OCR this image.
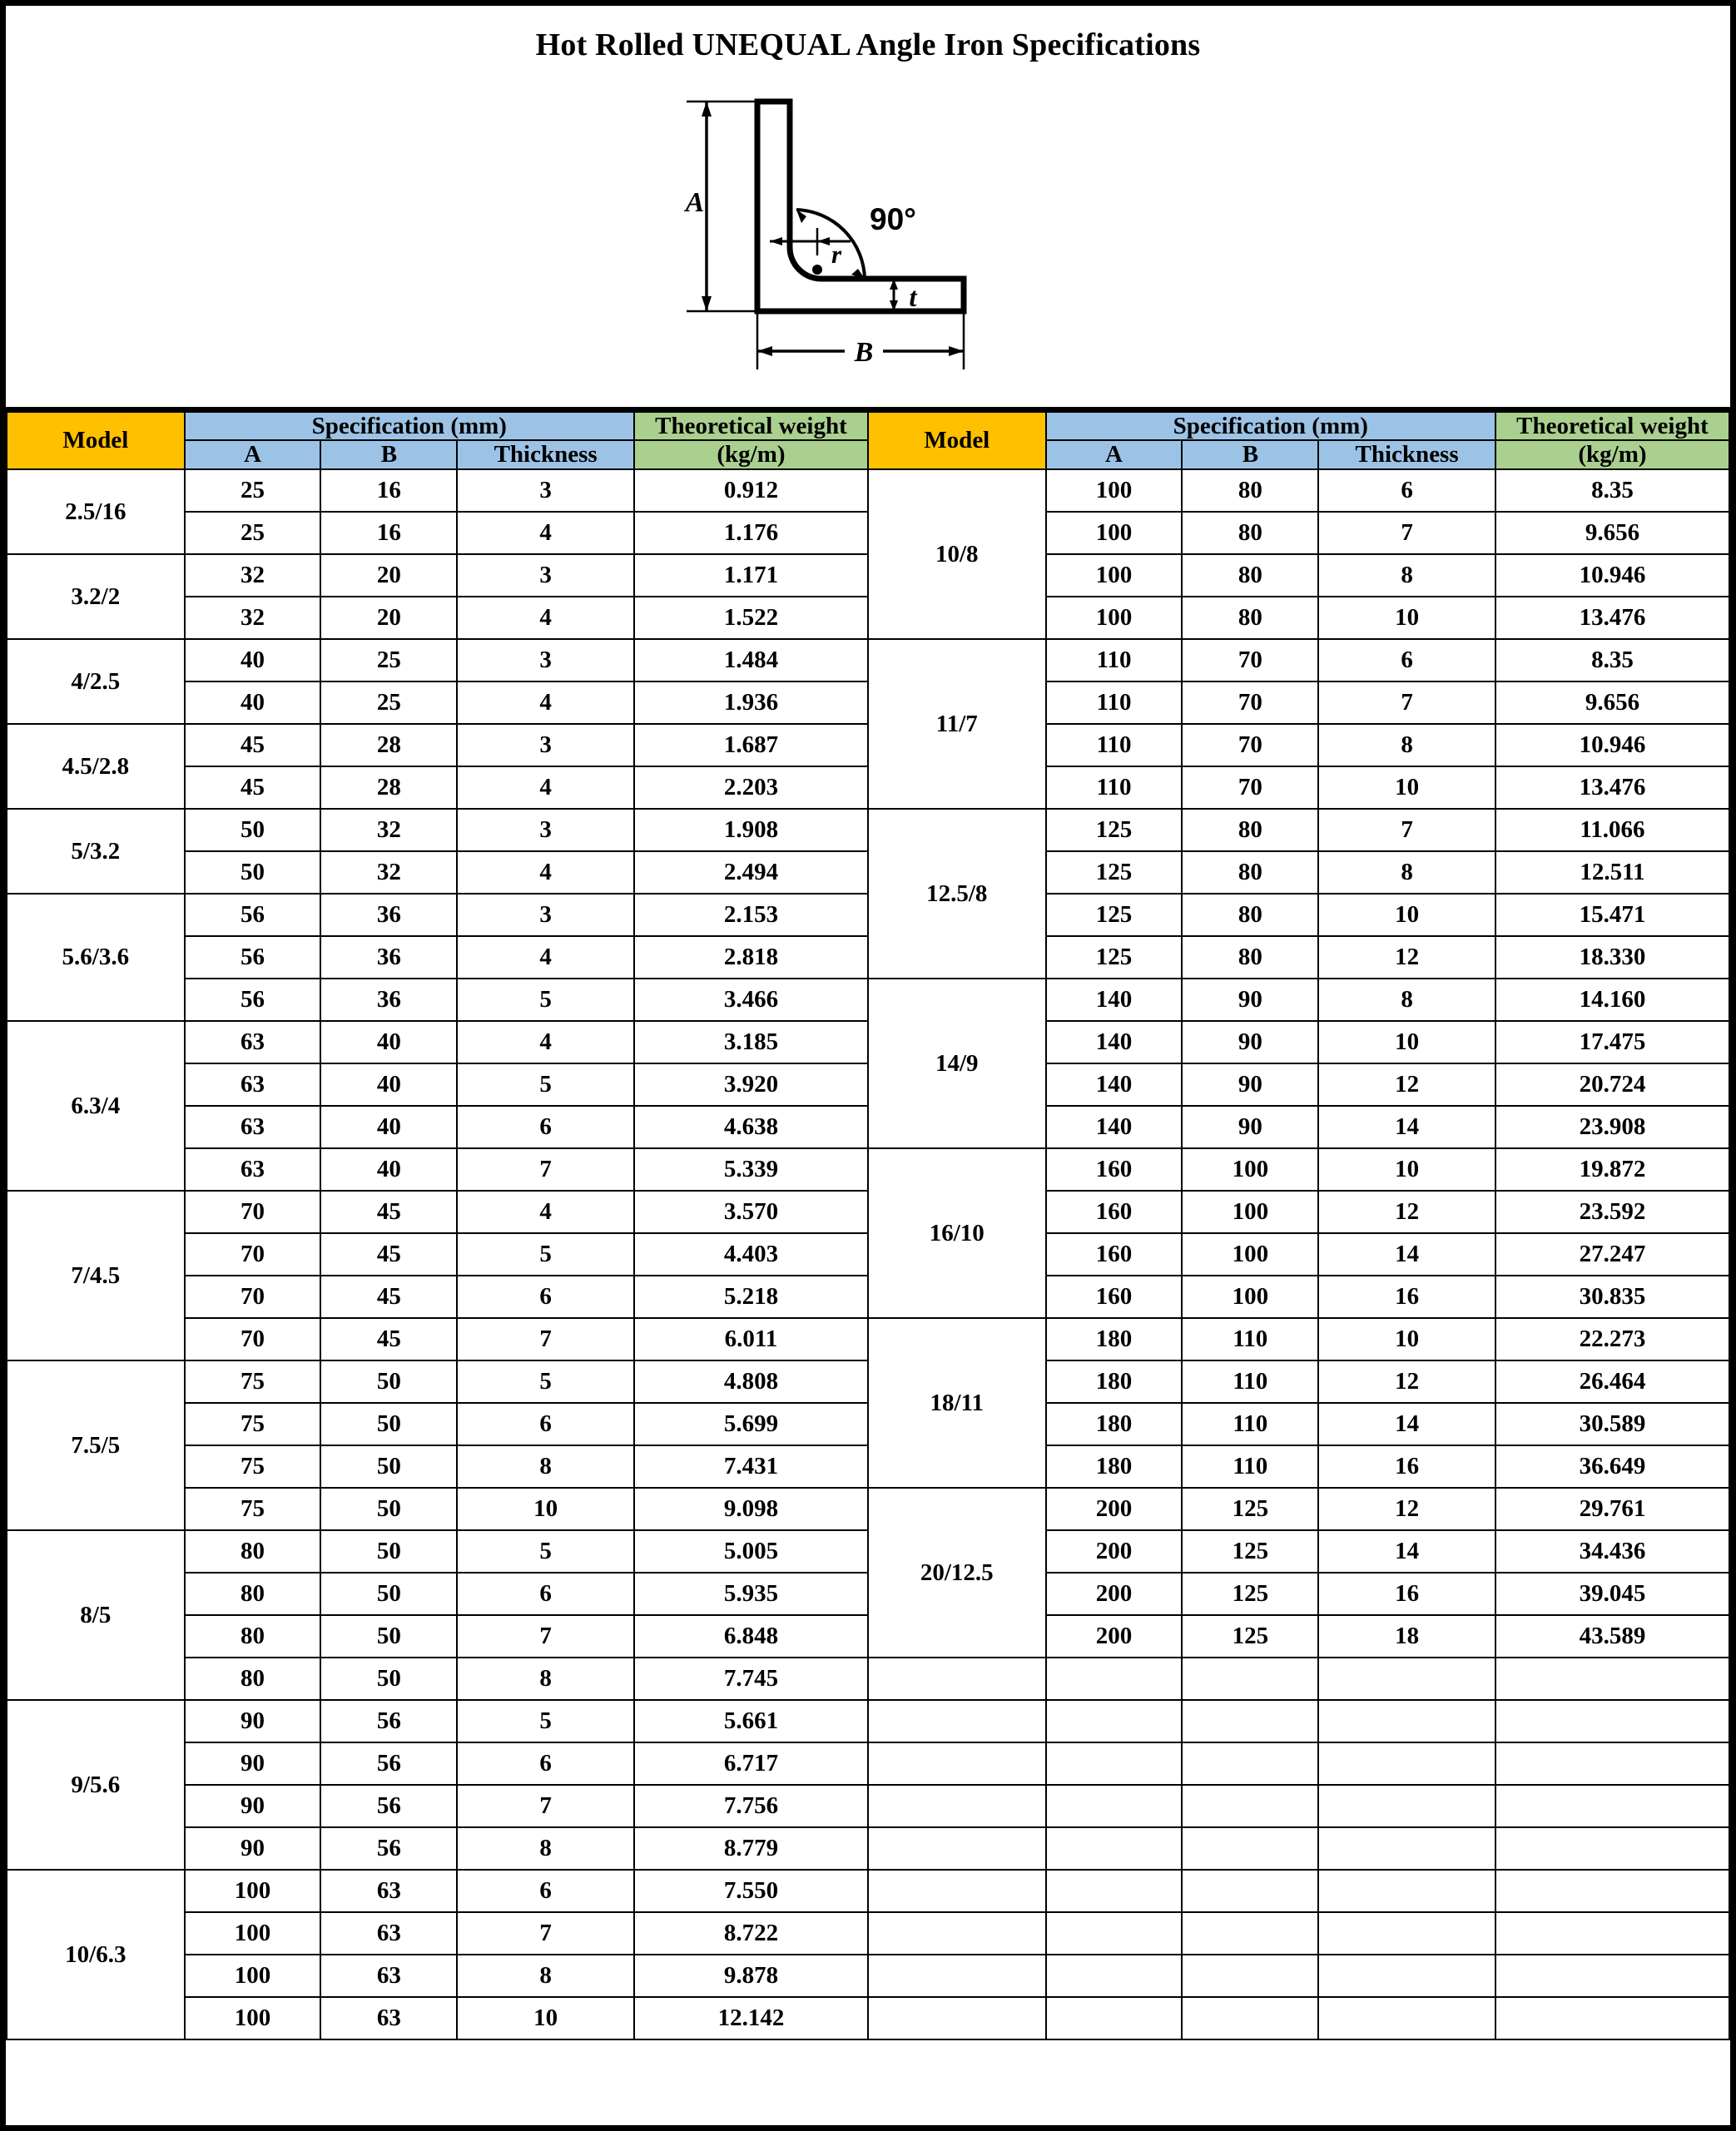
Hot Rolled UNEQUAL Angle Iron Specifications
A
B
t
r
90°
Model	Specification (mm)			Theoretical weight	Model	Specification (mm)			Theoretical weight
	A	B	Thickness	(kg/m)		A	B	Thickness	(kg/m)
2.5/16	25	16	3	0.912	10/8	100	80	6	8.35
	25	16	4	1.176		100	80	7	9.656
3.2/2	32	20	3	1.171		100	80	8	10.946
	32	20	4	1.522		100	80	10	13.476
4/2.5	40	25	3	1.484	11/7	110	70	6	8.35
	40	25	4	1.936		110	70	7	9.656
4.5/2.8	45	28	3	1.687		110	70	8	10.946
	45	28	4	2.203		110	70	10	13.476
5/3.2	50	32	3	1.908	12.5/8	125	80	7	11.066
	50	32	4	2.494		125	80	8	12.511
5.6/3.6	56	36	3	2.153		125	80	10	15.471
	56	36	4	2.818		125	80	12	18.330
	56	36	5	3.466	14/9	140	90	8	14.160
6.3/4	63	40	4	3.185		140	90	10	17.475
	63	40	5	3.920		140	90	12	20.724
	63	40	6	4.638		140	90	14	23.908
	63	40	7	5.339	16/10	160	100	10	19.872
7/4.5	70	45	4	3.570		160	100	12	23.592
	70	45	5	4.403		160	100	14	27.247
	70	45	6	5.218		160	100	16	30.835
	70	45	7	6.011	18/11	180	110	10	22.273
7.5/5	75	50	5	4.808		180	110	12	26.464
	75	50	6	5.699		180	110	14	30.589
	75	50	8	7.431		180	110	16	36.649
	75	50	10	9.098	20/12.5	200	125	12	29.761
8/5	80	50	5	5.005		200	125	14	34.436
	80	50	6	5.935		200	125	16	39.045
	80	50	7	6.848		200	125	18	43.589
	80	50	8	7.745					
9/5.6	90	56	5	5.661					
	90	56	6	6.717					
	90	56	7	7.756					
	90	56	8	8.779					
10/6.3	100	63	6	7.550					
	100	63	7	8.722					
	100	63	8	9.878					
	100	63	10	12.142					
